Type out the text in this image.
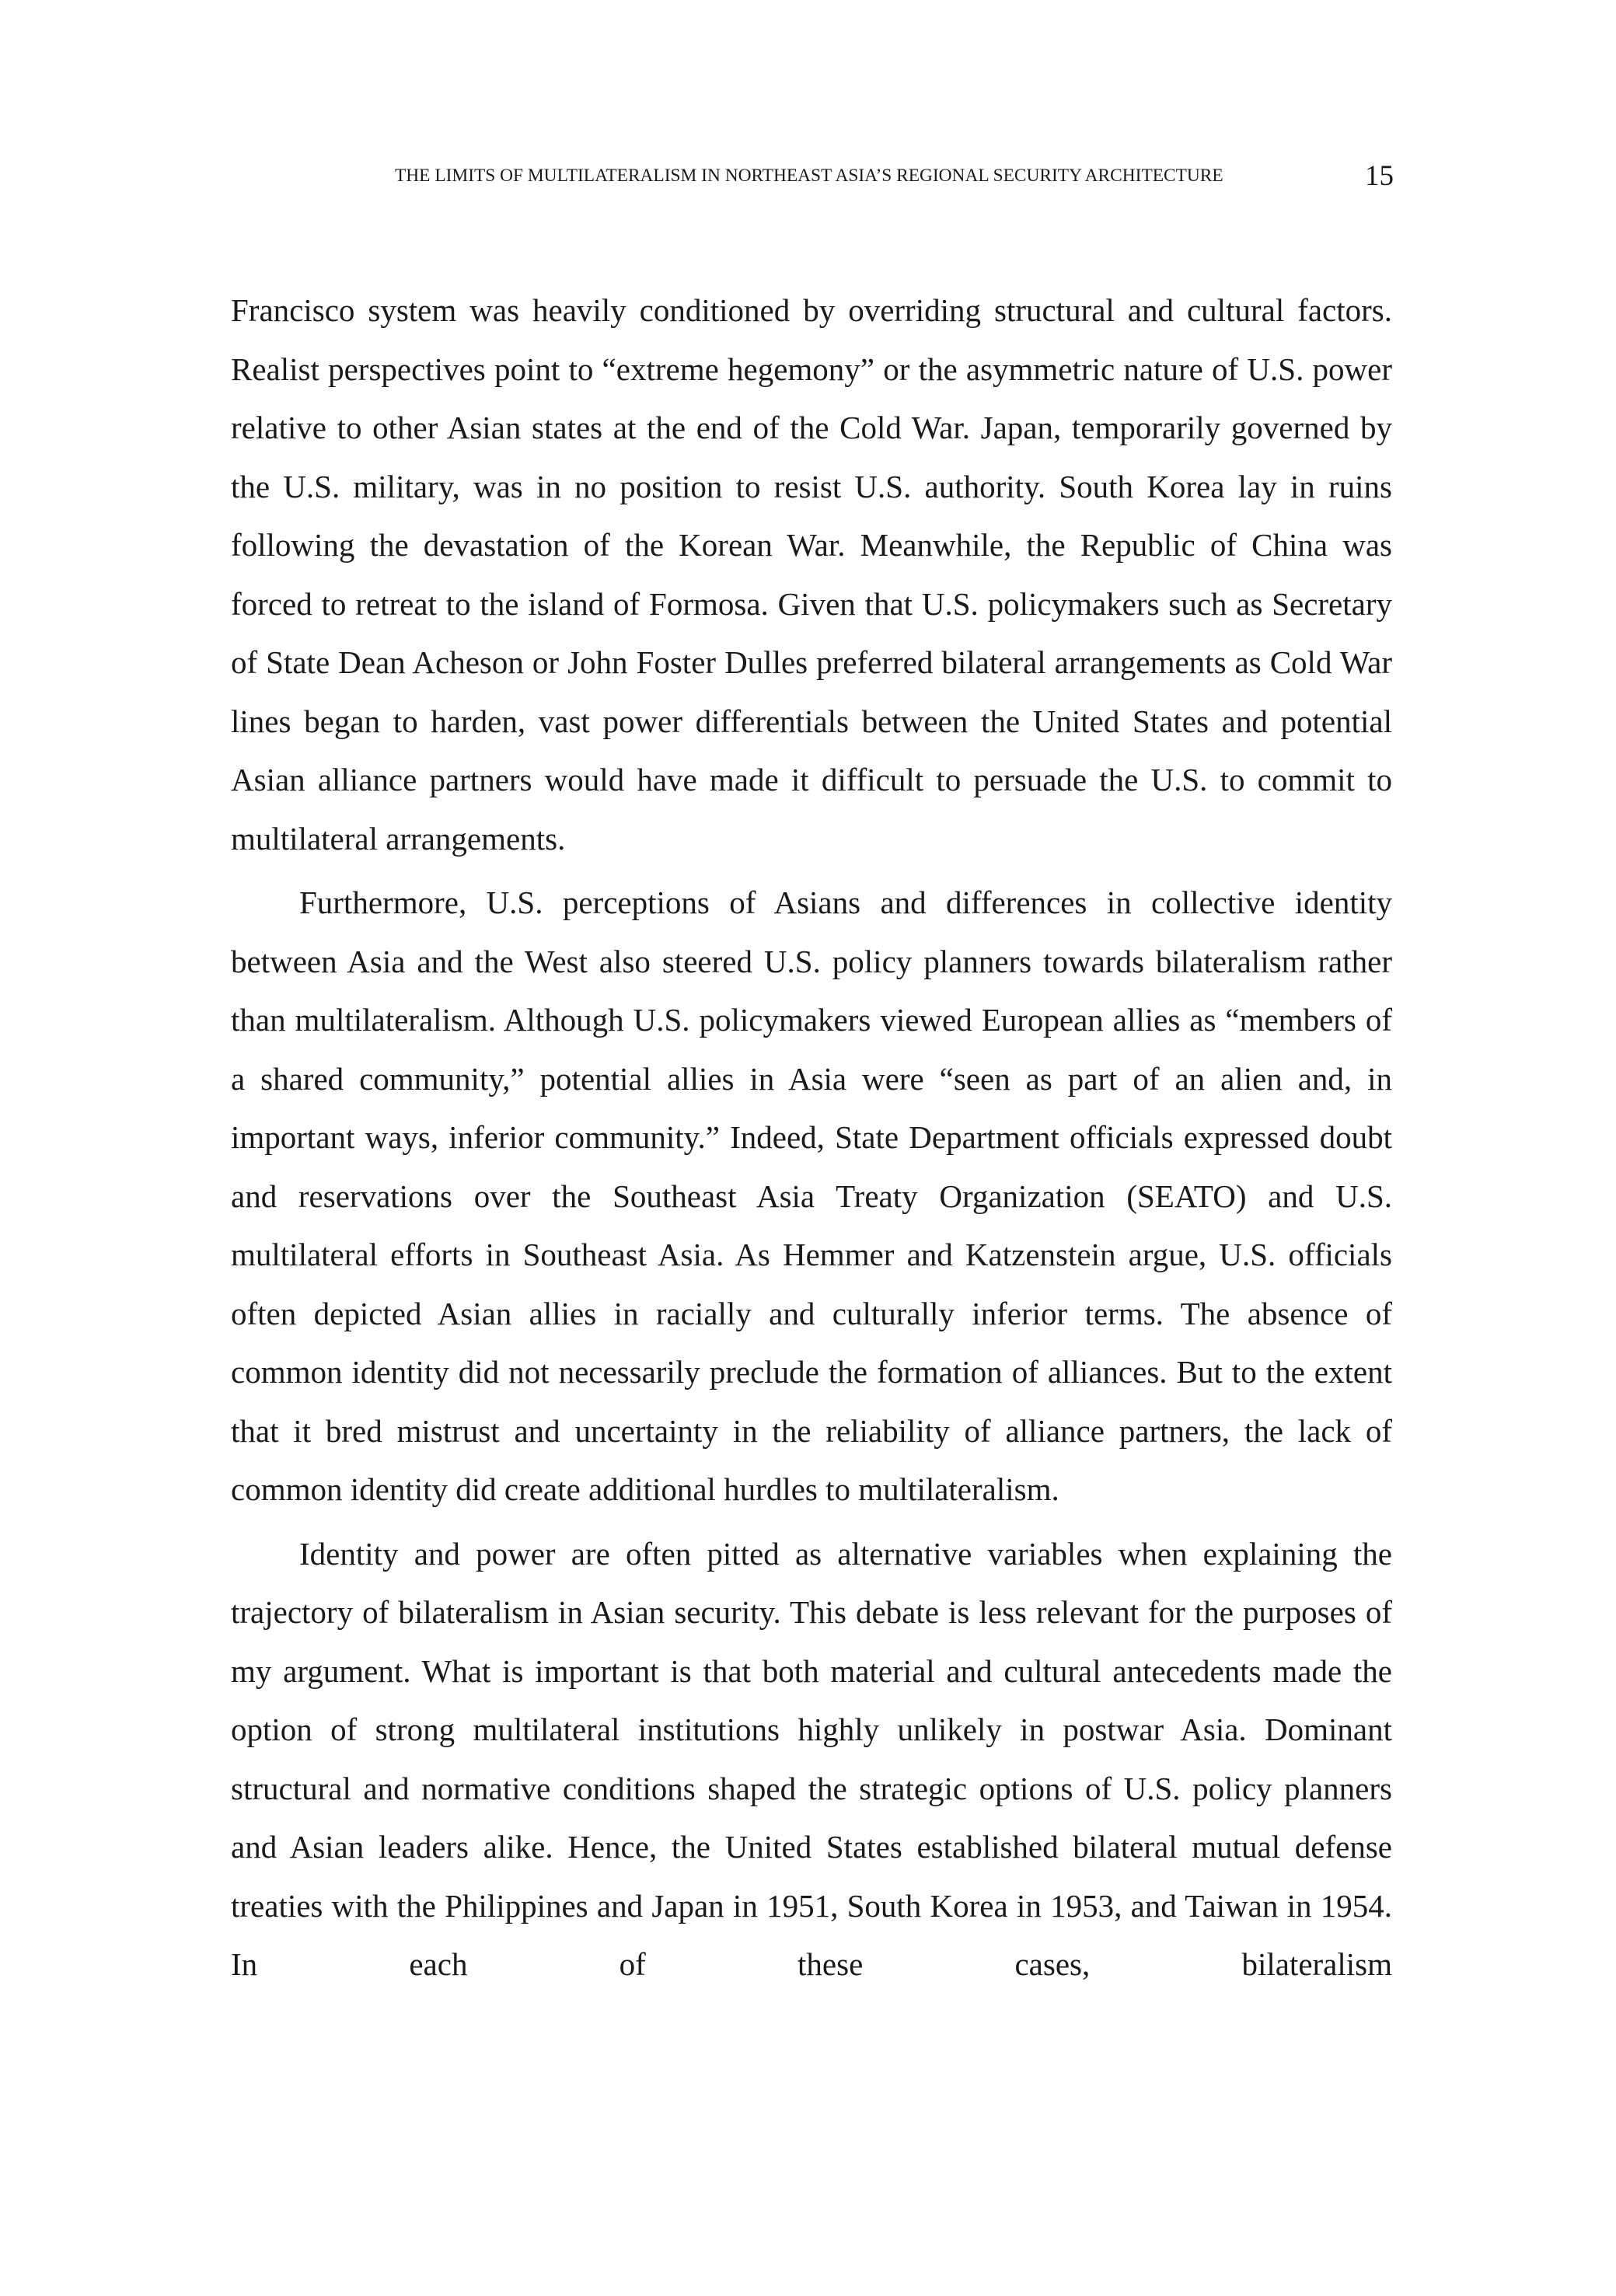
THE LIMITS OF MULTILATERALISM IN NORTHEAST ASIA’S REGIONAL SECURITY ARCHITECTURE	15

Francisco system was heavily conditioned by overriding structural and cultural factors. Realist perspectives point to “extreme hegemony” or the asymmetric nature of U.S. power relative to other Asian states at the end of the Cold War. Japan, temporarily governed by the U.S. military, was in no position to resist U.S. authority. South Korea lay in ruins following the devastation of the Korean War. Meanwhile, the Republic of China was forced to retreat to the island of Formosa. Given that U.S. policymakers such as Secretary of State Dean Acheson or John Foster Dulles preferred bilateral arrangements as Cold War lines began to harden, vast power differentials between the United States and potential Asian alliance partners would have made it difficult to persuade the U.S. to commit to multilateral arrangements.

Furthermore, U.S. perceptions of Asians and differences in collective identity between Asia and the West also steered U.S. policy planners towards bilateralism rather than multilateralism. Although U.S. policymakers viewed European allies as “members of a shared community,” potential allies in Asia were “seen as part of an alien and, in important ways, inferior community.” Indeed, State Department officials expressed doubt and reservations over the Southeast Asia Treaty Organization (SEATO) and U.S. multilateral efforts in Southeast Asia. As Hemmer and Katzenstein argue, U.S. officials often depicted Asian allies in racially and culturally inferior terms. The absence of common identity did not necessarily preclude the formation of alliances. But to the extent that it bred mistrust and uncertainty in the reliability of alliance partners, the lack of common identity did create additional hurdles to multilateralism.

Identity and power are often pitted as alternative variables when explaining the trajectory of bilateralism in Asian security. This debate is less relevant for the purposes of my argument. What is important is that both material and cultural antecedents made the option of strong multilateral institutions highly unlikely in postwar Asia. Dominant structural and normative conditions shaped the strategic options of U.S. policy planners and Asian leaders alike. Hence, the United States established bilateral mutual defense treaties with the Philippines and Japan in 1951, South Korea in 1953, and Taiwan in 1954. In each of these cases, bilateralism
